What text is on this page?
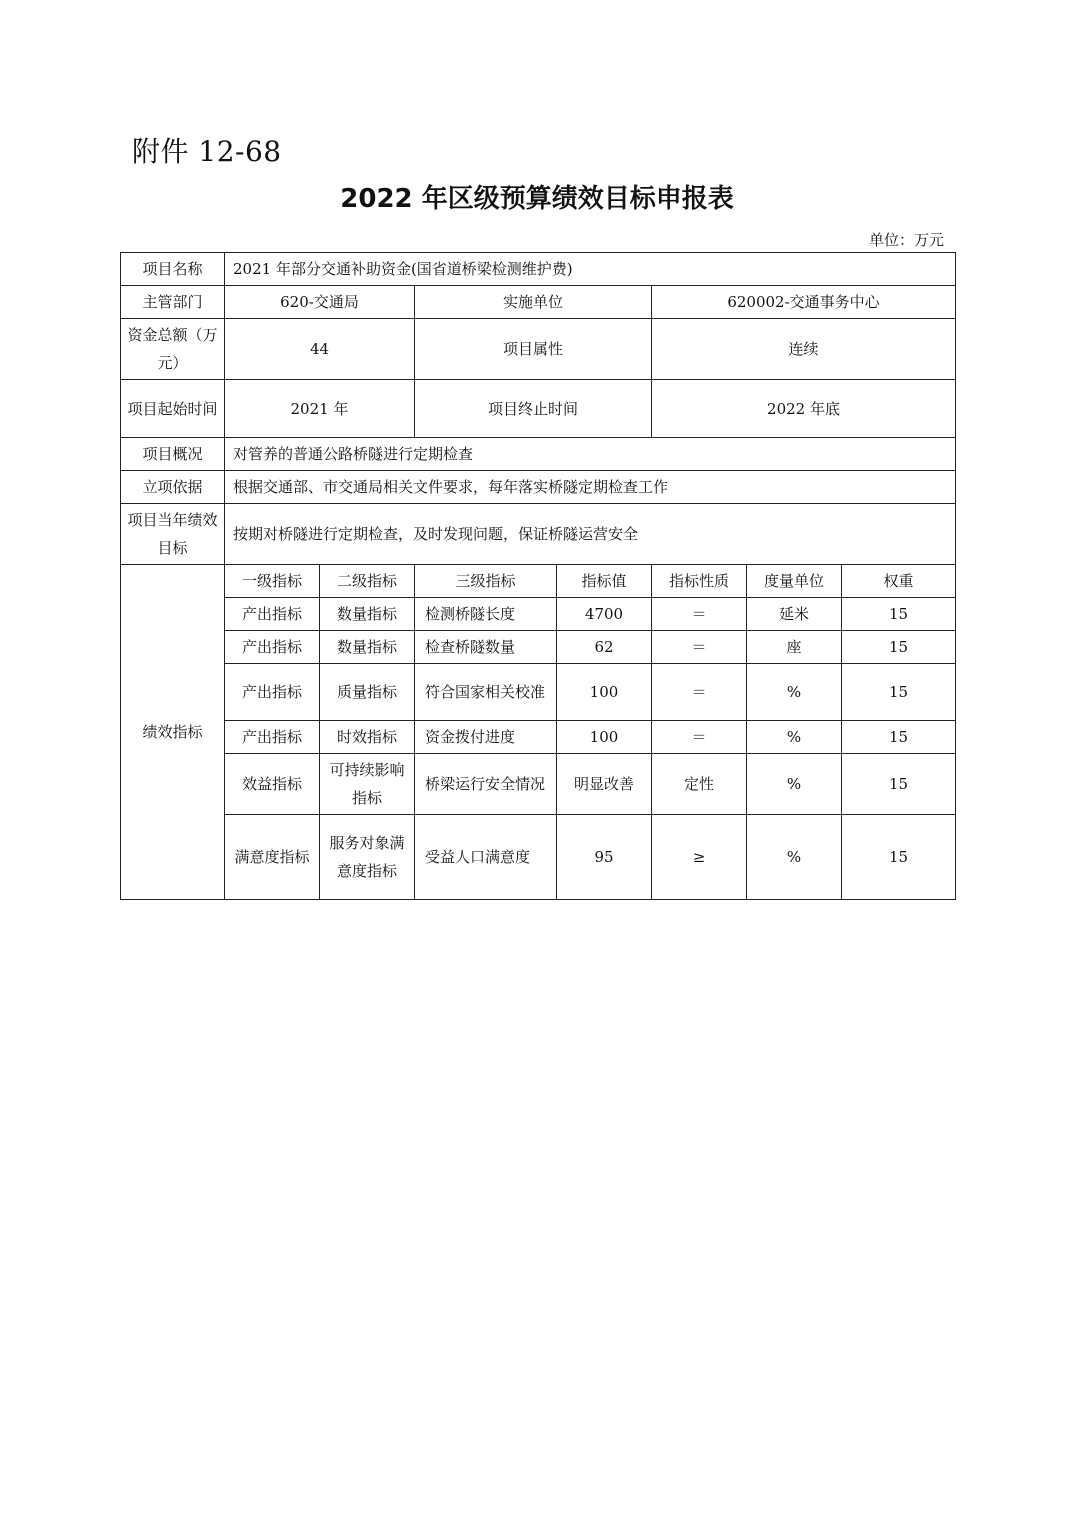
附件 12-68
2022 年区级预算绩效目标申报表
单位：万元
项目名称	2021 年部分交通补助资金(国省道桥梁检测维护费)						
主管部门	620-交通局		实施单位		620002-交通事务中心		
资金总额（万元）	44		项目属性		连续		
项目起始时间	2021 年		项目终止时间		2022 年底		
项目概况	对管养的普通公路桥隧进行定期检查						
立项依据	根据交通部、市交通局相关文件要求，每年落实桥隧定期检查工作						
项目当年绩效目标	按期对桥隧进行定期检查，及时发现问题，保证桥隧运营安全						
绩效指标	一级指标	二级指标	三级指标	指标值	指标性质	度量单位	权重
	产出指标	数量指标	检测桥隧长度	4700	＝	延米	15
	产出指标	数量指标	检查桥隧数量	62	＝	座	15
	产出指标	质量指标	符合国家相关校准	100	＝	%	15
	产出指标	时效指标	资金拨付进度	100	＝	%	15
	效益指标	可持续影响指标	桥梁运行安全情况	明显改善	定性	%	15
	满意度指标	服务对象满意度指标	受益人口满意度	95	≥	%	15
